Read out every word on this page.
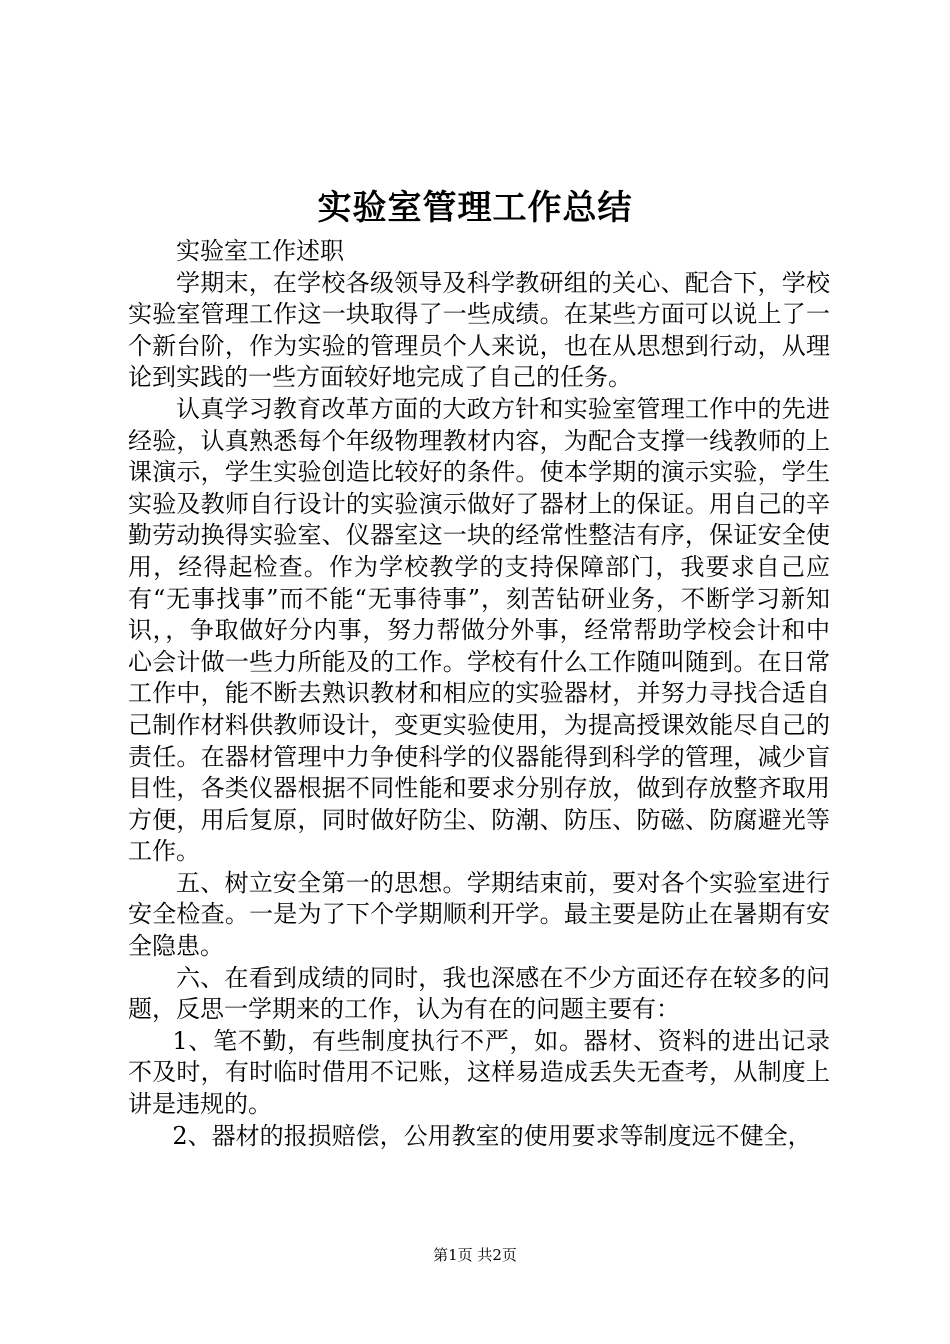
实验室管理工作总结

实验室工作述职

学期末，在学校各级领导及科学教研组的关心、配合下，学校实验室管理工作这一块取得了一些成绩。在某些方面可以说上了一个新台阶，作为实验的管理员个人来说，也在从思想到行动，从理论到实践的一些方面较好地完成了自己的任务。

认真学习教育改革方面的大政方针和实验室管理工作中的先进经验，认真熟悉每个年级物理教材内容，为配合支撑一线教师的上课演示，学生实验创造比较好的条件。使本学期的演示实验，学生实验及教师自行设计的实验演示做好了器材上的保证。用自己的辛勤劳动换得实验室、仪器室这一块的经常性整洁有序，保证安全使用，经得起检查。作为学校教学的支持保障部门，我要求自己应有“无事找事”而不能“无事待事”，刻苦钻研业务，不断学习新知识，，争取做好分内事，努力帮做分外事，经常帮助学校会计和中心会计做一些力所能及的工作。学校有什么工作随叫随到。在日常工作中，能不断去熟识教材和相应的实验器材，并努力寻找合适自己制作材料供教师设计，变更实验使用，为提高授课效能尽自己的责任。在器材管理中力争使科学的仪器能得到科学的管理，减少盲目性，各类仪器根据不同性能和要求分别存放，做到存放整齐取用方便，用后复原，同时做好防尘、防潮、防压、防磁、防腐避光等工作。

五、树立安全第一的思想。学期结束前，要对各个实验室进行安全检查。一是为了下个学期顺利开学。最主要是防止在暑期有安全隐患。

六、在看到成绩的同时，我也深感在不少方面还存在较多的问题，反思一学期来的工作，认为有在的问题主要有：

1、笔不勤，有些制度执行不严，如。器材、资料的进出记录不及时，有时临时借用不记账，这样易造成丢失无查考，从制度上讲是违规的。

2、器材的报损赔偿，公用教室的使用要求等制度远不健全，

第1页 共2页
